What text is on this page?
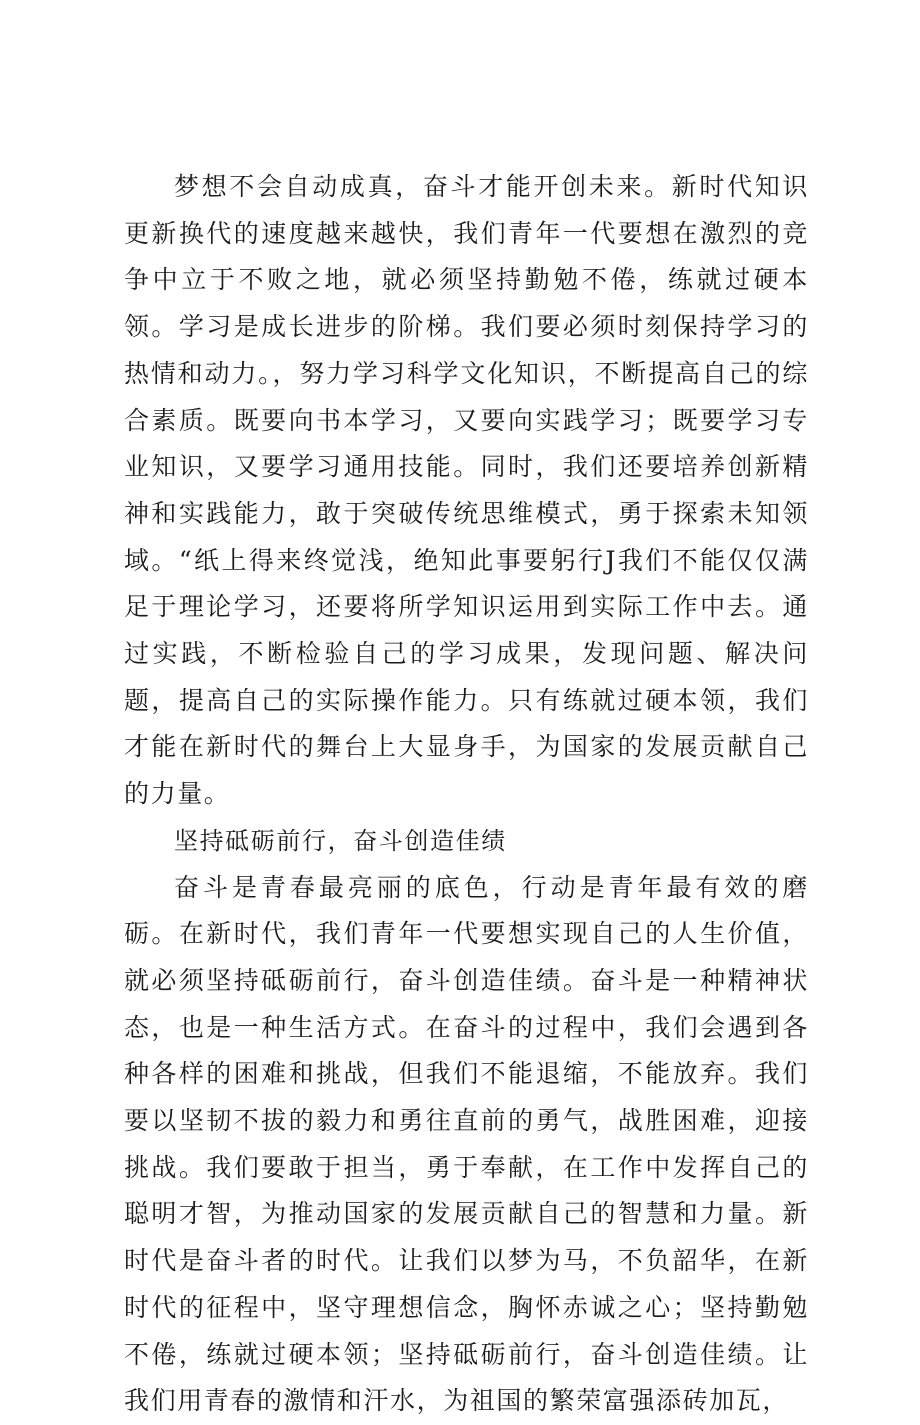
梦想不会自动成真，奋斗才能开创未来。新时代知识更新换代的速度越来越快，我们青年一代要想在激烈的竞争中立于不败之地，就必须坚持勤勉不倦，练就过硬本领。学习是成长进步的阶梯。我们要必须时刻保持学习的热情和动力。，努力学习科学文化知识，不断提高自己的综合素质。既要向书本学习，又要向实践学习；既要学习专业知识，又要学习通用技能。同时，我们还要培养创新精神和实践能力，敢于突破传统思维模式，勇于探索未知领域。“纸上得来终觉浅，绝知此事要躬行J我们不能仅仅满足于理论学习，还要将所学知识运用到实际工作中去。通过实践，不断检验自己的学习成果，发现问题、解决问题，提高自己的实际操作能力。只有练就过硬本领，我们才能在新时代的舞台上大显身手，为国家的发展贡献自己的力量。

坚持砥砺前行，奋斗创造佳绩

奋斗是青春最亮丽的底色，行动是青年最有效的磨砺。在新时代，我们青年一代要想实现自己的人生价值，就必须坚持砥砺前行，奋斗创造佳绩。奋斗是一种精神状态，也是一种生活方式。在奋斗的过程中，我们会遇到各种各样的困难和挑战，但我们不能退缩，不能放弃。我们要以坚韧不拔的毅力和勇往直前的勇气，战胜困难，迎接挑战。我们要敢于担当，勇于奉献，在工作中发挥自己的聪明才智，为推动国家的发展贡献自己的智慧和力量。新时代是奋斗者的时代。让我们以梦为马，不负韶华，在新时代的征程中，坚守理想信念，胸怀赤诚之心；坚持勤勉不倦，练就过硬本领；坚持砥砺前行，奋斗创造佳绩。让我们用青春的激情和汗水，为祖国的繁荣富强添砖加瓦，
